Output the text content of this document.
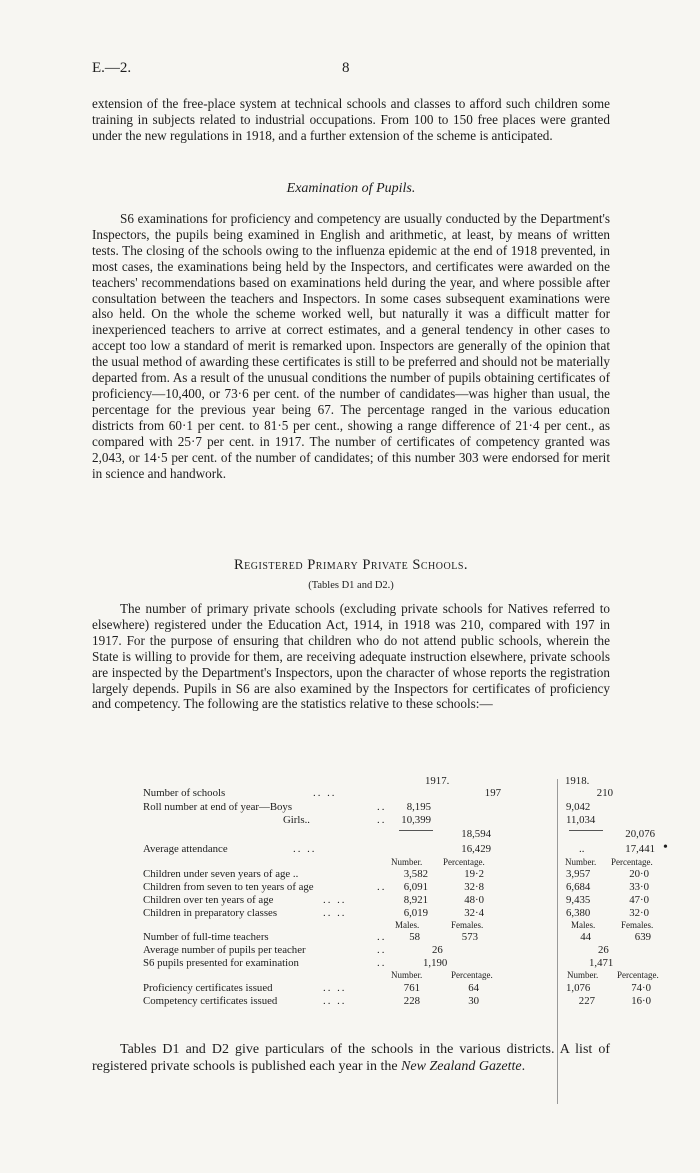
E.—2.	8

extension of the free-place system at technical schools and classes to afford such children some training in subjects related to industrial occupations. From 100 to 150 free places were granted under the new regulations in 1918, and a further extension of the scheme is anticipated.

Examination of Pupils.

S6 examinations for proficiency and competency are usually conducted by the Department's Inspectors, the pupils being examined in English and arithmetic, at least, by means of written tests. The closing of the schools owing to the influenza epidemic at the end of 1918 prevented, in most cases, the examinations being held by the Inspectors, and certificates were awarded on the teachers' recommendations based on examinations held during the year, and where possible after consultation between the teachers and Inspectors. In some cases subsequent examinations were also held. On the whole the scheme worked well, but naturally it was a difficult matter for inexperienced teachers to arrive at correct estimates, and a general tendency in other cases to accept too low a standard of merit is remarked upon. Inspectors are generally of the opinion that the usual method of awarding these certificates is still to be preferred and should not be materially departed from. As a result of the unusual conditions the number of pupils obtaining certificates of proficiency—10,400, or 73·6 per cent. of the number of candidates—was higher than usual, the percentage for the previous year being 67. The percentage ranged in the various education districts from 60·1 per cent. to 81·5 per cent., showing a range difference of 21·4 per cent., as compared with 25·7 per cent. in 1917. The number of certificates of competency granted was 2,043, or 14·5 per cent. of the number of candidates; of this number 303 were endorsed for merit in science and handwork.

Registered Primary Private Schools.

(Tables D1 and D2.)

The number of primary private schools (excluding private schools for Natives referred to elsewhere) registered under the Education Act, 1914, in 1918 was 210, compared with 197 in 1917. For the purpose of ensuring that children who do not attend public schools, wherein the State is willing to provide for them, are receiving adequate instruction elsewhere, private schools are inspected by the Department's Inspectors, upon the character of whose reports the registration largely depends. Pupils in S6 are also examined by the Inspectors for certificates of proficiency and competency. The following are the statistics relative to these schools:—

1917.	1918.
Number of schools	.. ..	197	210
Roll number at end of year—Boys	..	8,195	9,042
Girls..	..	10,399	11,034
18,594	20,076
Average attendance	.. ..	16,429	..	17,441 •
Number. Percentage.	Number. Percentage.
Children under seven years of age ..	3,582	19·2	3,957	20·0
Children from seven to ten years of age	..	6,091	32·8	6,684	33·0
Children over ten years of age	.. ..	8,921	48·0	9,435	47·0
Children in preparatory classes	.. ..	6,019	32·4	6,380	32·0
Males.	Females.	Males.	Females.
Number of full-time teachers	..	58	573	44	639
Average number of pupils per teacher	..	26	26
S6 pupils presented for examination	..	1,190	1,471
Number.	Percentage.	Number. Percentage.
Proficiency certificates issued	.. ..	761	64	1,076	74·0
Competency certificates issued	.. ..	228	30	227	16·0

Tables D1 and D2 give particulars of the schools in the various districts. A list of registered private schools is published each year in the New Zealand Gazette.
